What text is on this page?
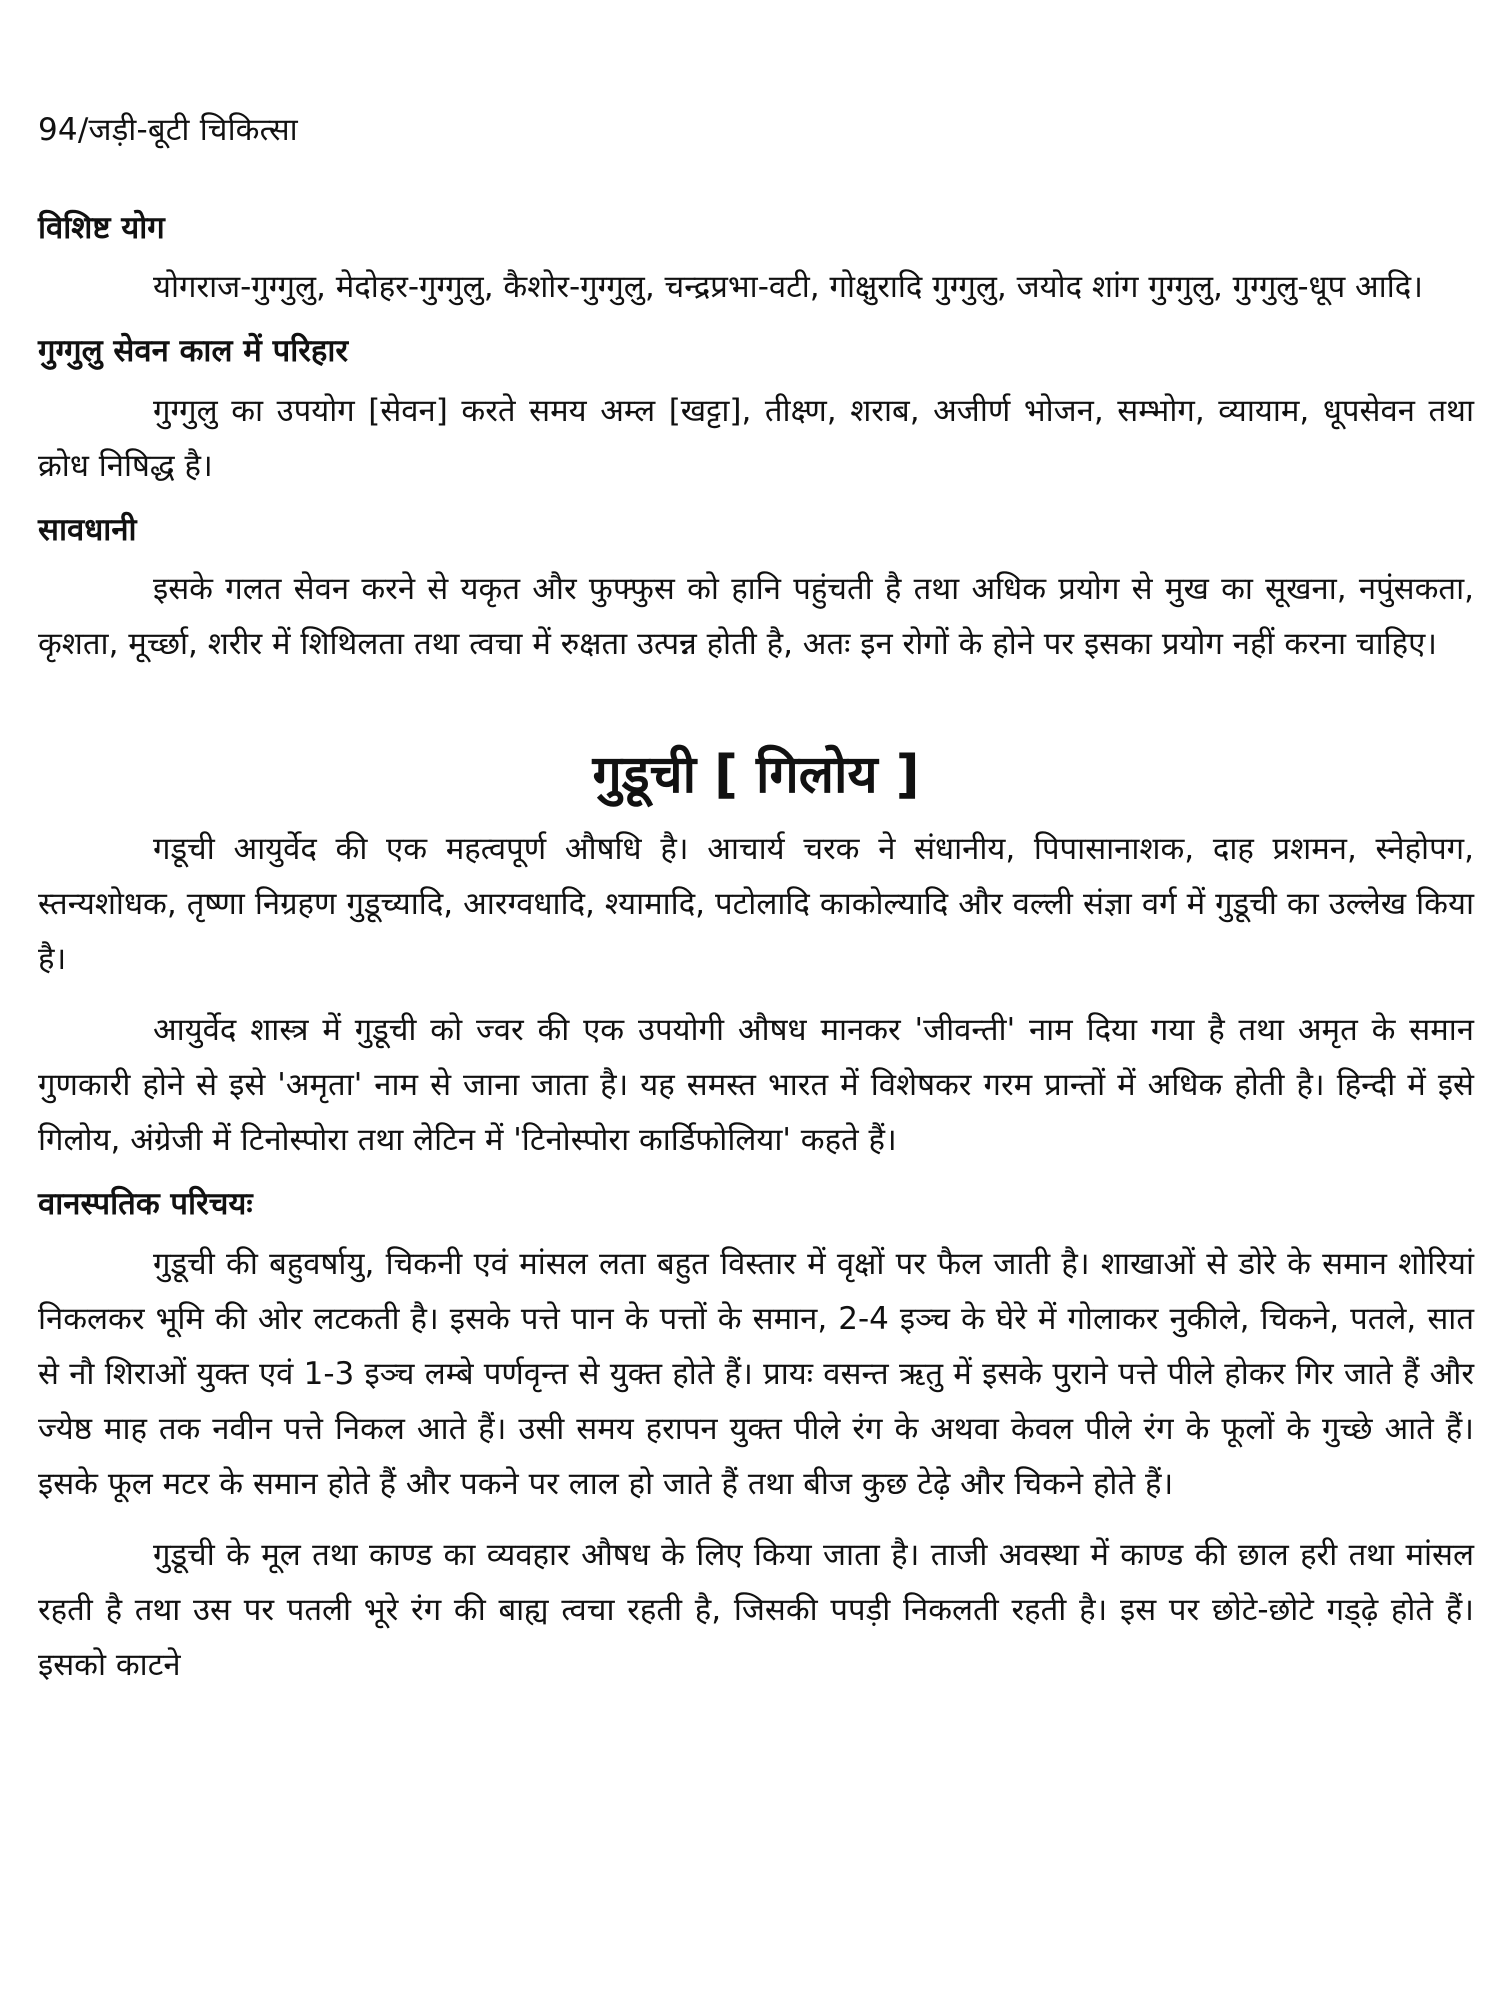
94/जड़ी-बूटी चिकित्सा
विशिष्ट योग

योगराज-गुग्गुलु, मेदोहर-गुग्गुलु, कैशोर-गुग्गुलु, चन्द्रप्रभा-वटी, गोक्षुरादि गुग्गुलु, जयोद शांग गुग्गुलु, गुग्गुलु-धूप आदि।

गुग्गुलु सेवन काल में परिहार

गुग्गुलु का उपयोग [सेवन] करते समय अम्ल [खट्टा], तीक्ष्ण, शराब, अजीर्ण भोजन, सम्भोग, व्यायाम, धूपसेवन तथा क्रोध निषिद्ध है।

सावधानी

इसके गलत सेवन करने से यकृत और फुफ्फुस को हानि पहुंचती है तथा अधिक प्रयोग से मुख का सूखना, नपुंसकता, कृशता, मूर्च्छा, शरीर में शिथिलता तथा त्वचा में रुक्षता उत्पन्न होती है, अतः इन रोगों के होने पर इसका प्रयोग नहीं करना चाहिए।

गुडूची [ गिलोय ]

गडूची आयुर्वेद की एक महत्वपूर्ण औषधि है। आचार्य चरक ने संधानीय, पिपासानाशक, दाह प्रशमन, स्नेहोपग, स्तन्यशोधक, तृष्णा निग्रहण गुडूच्यादि, आरग्वधादि, श्यामादि, पटोलादि काकोल्यादि और वल्ली संज्ञा वर्ग में गुडूची का उल्लेख किया है।

आयुर्वेद शास्त्र में गुडूची को ज्वर की एक उपयोगी औषध मानकर 'जीवन्ती' नाम दिया गया है तथा अमृत के समान गुणकारी होने से इसे 'अमृता' नाम से जाना जाता है। यह समस्त भारत में विशेषकर गरम प्रान्तों में अधिक होती है। हिन्दी में इसे गिलोय, अंग्रेजी में टिनोस्पोरा तथा लेटिन में 'टिनोस्पोरा कार्डिफोलिया' कहते हैं।

वानस्पतिक परिचयः

गुडूची की बहुवर्षायु, चिकनी एवं मांसल लता बहुत विस्तार में वृक्षों पर फैल जाती है। शाखाओं से डोरे के समान शोरियां निकलकर भूमि की ओर लटकती है। इसके पत्ते पान के पत्तों के समान, 2-4 इञ्च के घेरे में गोलाकर नुकीले, चिकने, पतले, सात से नौ शिराओं युक्त एवं 1-3 इञ्च लम्बे पर्णवृन्त से युक्त होते हैं। प्रायः वसन्त ऋतु में इसके पुराने पत्ते पीले होकर गिर जाते हैं और ज्येष्ठ माह तक नवीन पत्ते निकल आते हैं। उसी समय हरापन युक्त पीले रंग के अथवा केवल पीले रंग के फूलों के गुच्छे आते हैं। इसके फूल मटर के समान होते हैं और पकने पर लाल हो जाते हैं तथा बीज कुछ टेढ़े और चिकने होते हैं।

गुडूची के मूल तथा काण्ड का व्यवहार औषध के लिए किया जाता है। ताजी अवस्था में काण्ड की छाल हरी तथा मांसल रहती है तथा उस पर पतली भूरे रंग की बाह्य त्वचा रहती है, जिसकी पपड़ी निकलती रहती है। इस पर छोटे-छोटे गड्ढ़े होते हैं। इसको काटने
